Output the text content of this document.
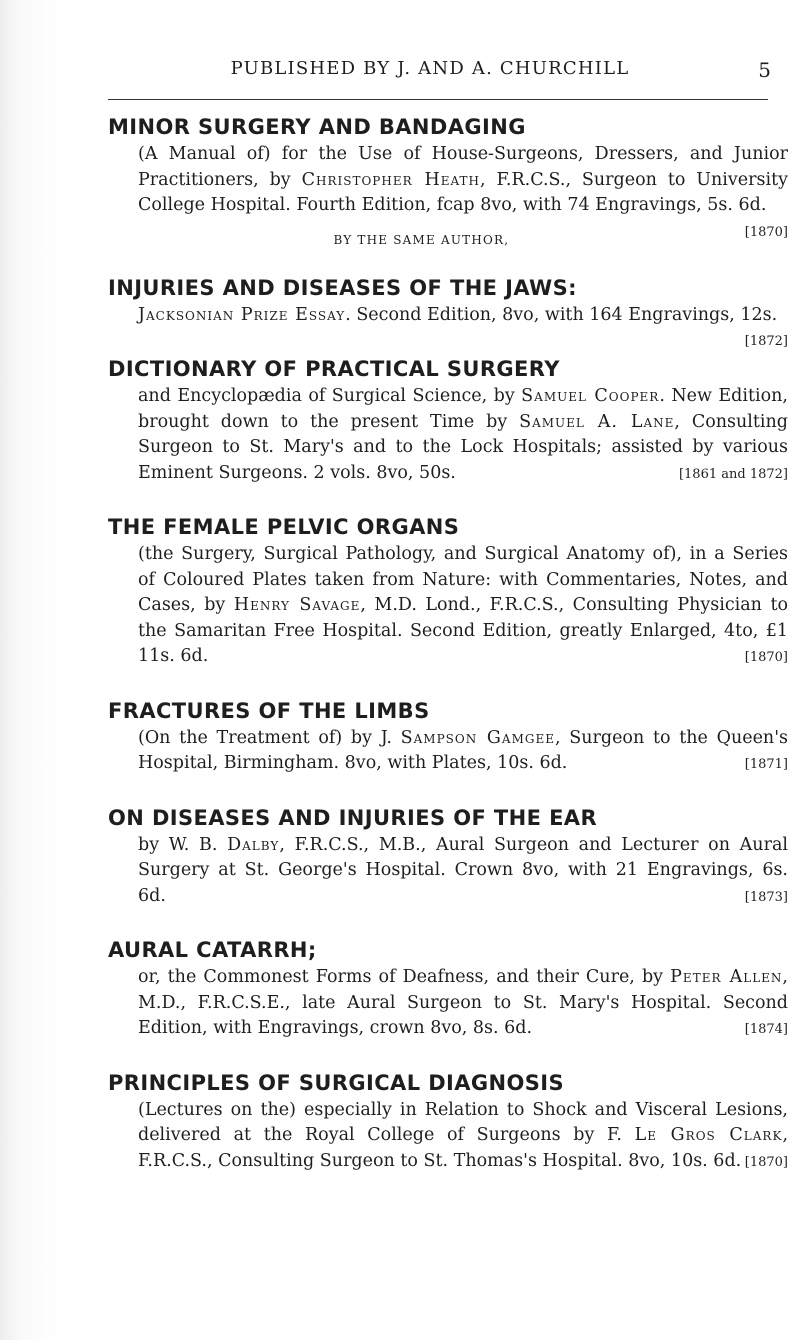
PUBLISHED BY J. AND A. CHURCHILL	5
MINOR SURGERY AND BANDAGING
(A Manual of) for the Use of House-Surgeons, Dressers, and Junior Practitioners, by Christopher Heath, F.R.C.S., Surgeon to University College Hospital. Fourth Edition, fcap 8vo, with 74 Engravings, 5s. 6d.
[1870]
BY THE SAME AUTHOR,
INJURIES AND DISEASES OF THE JAWS:
Jacksonian Prize Essay. Second Edition, 8vo, with 164 Engravings, 12s.
[1872]
DICTIONARY OF PRACTICAL SURGERY
and Encyclopædia of Surgical Science, by Samuel Cooper. New Edition, brought down to the present Time by Samuel A. Lane, Consulting Surgeon to St. Mary's and to the Lock Hospitals; assisted by various Eminent Surgeons. 2 vols. 8vo, 50s.	[1861 and 1872]
THE FEMALE PELVIC ORGANS
(the Surgery, Surgical Pathology, and Surgical Anatomy of), in a Series of Coloured Plates taken from Nature: with Commentaries, Notes, and Cases, by Henry Savage, M.D. Lond., F.R.C.S., Consulting Physician to the Samaritan Free Hospital. Second Edition, greatly Enlarged, 4to, £1 11s. 6d.	[1870]
FRACTURES OF THE LIMBS
(On the Treatment of) by J. Sampson Gamgee, Surgeon to the Queen's Hospital, Birmingham. 8vo, with Plates, 10s. 6d.	[1871]
ON DISEASES AND INJURIES OF THE EAR
by W. B. Dalby, F.R.C.S., M.B., Aural Surgeon and Lecturer on Aural Surgery at St. George's Hospital. Crown 8vo, with 21 Engravings, 6s. 6d.	[1873]
AURAL CATARRH;
or, the Commonest Forms of Deafness, and their Cure, by Peter Allen, M.D., F.R.C.S.E., late Aural Surgeon to St. Mary's Hospital. Second Edition, with Engravings, crown 8vo, 8s. 6d.	[1874]
PRINCIPLES OF SURGICAL DIAGNOSIS
(Lectures on the) especially in Relation to Shock and Visceral Lesions, delivered at the Royal College of Surgeons by F. Le Gros Clark, F.R.C.S., Consulting Surgeon to St. Thomas's Hospital. 8vo, 10s. 6d. [1870]
